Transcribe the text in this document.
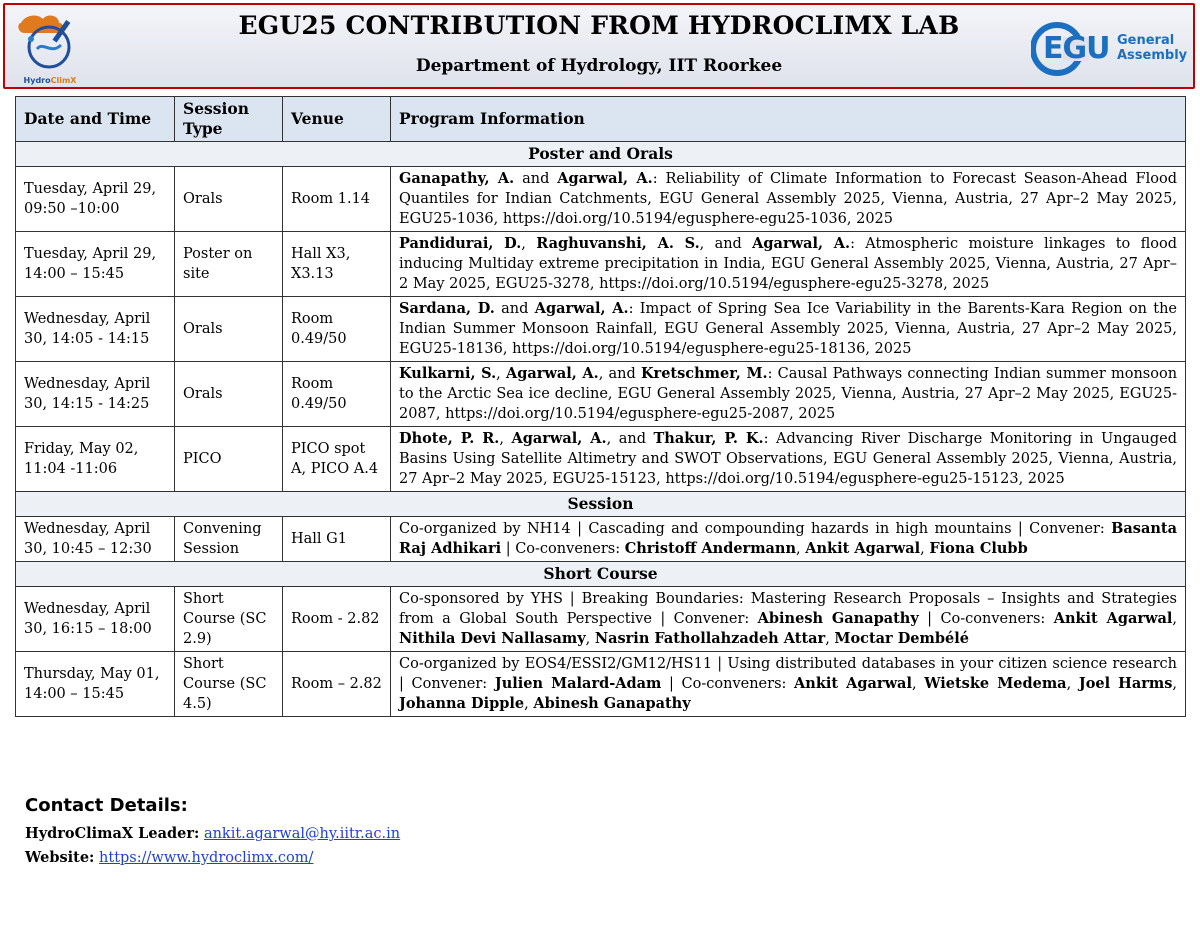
HydroClimX
EGU25 CONTRIBUTION FROM HYDROCLIMX LAB
Department of Hydrology, IIT Roorkee	EGU General
Assembly
Date and Time	Session Type	Venue	Program Information
Poster and Orals			
Tuesday, April 29, 09:50 –10:00	Orals	Room 1.14	Ganapathy, A. and Agarwal, A.: Reliability of Climate Information to Forecast Season-Ahead Flood Quantiles for Indian Catchments, EGU General Assembly 2025, Vienna, Austria, 27 Apr–2 May 2025, EGU25-1036, https://doi.org/10.5194/egusphere-egu25-1036, 2025
Tuesday, April 29, 14:00 – 15:45	Poster on site	Hall X3, X3.13	Pandidurai, D., Raghuvanshi, A. S., and Agarwal, A.: Atmospheric moisture linkages to flood inducing Multiday extreme precipitation in India, EGU General Assembly 2025, Vienna, Austria, 27 Apr–2 May 2025, EGU25-3278, https://doi.org/10.5194/egusphere-egu25-3278, 2025
Wednesday, April 30, 14:05 - 14:15	Orals	Room 0.49/50	Sardana, D. and Agarwal, A.: Impact of Spring Sea Ice Variability in the Barents-Kara Region on the Indian Summer Monsoon Rainfall, EGU General Assembly 2025, Vienna, Austria, 27 Apr–2 May 2025, EGU25-18136, https://doi.org/10.5194/egusphere-egu25-18136, 2025
Wednesday, April 30, 14:15 - 14:25	Orals	Room 0.49/50	Kulkarni, S., Agarwal, A., and Kretschmer, M.: Causal Pathways connecting Indian summer monsoon to the Arctic Sea ice decline, EGU General Assembly 2025, Vienna, Austria, 27 Apr–2 May 2025, EGU25-2087, https://doi.org/10.5194/egusphere-egu25-2087, 2025
Friday, May 02, 11:04 -11:06	PICO	PICO spot A, PICO A.4	Dhote, P. R., Agarwal, A., and Thakur, P. K.: Advancing River Discharge Monitoring in Ungauged Basins Using Satellite Altimetry and SWOT Observations, EGU General Assembly 2025, Vienna, Austria, 27 Apr–2 May 2025, EGU25-15123, https://doi.org/10.5194/egusphere-egu25-15123, 2025
Session			
Wednesday, April 30, 10:45 – 12:30	Convening Session	Hall G1	Co-organized by NH14 | Cascading and compounding hazards in high mountains | Convener: Basanta Raj Adhikari | Co-conveners: Christoff Andermann, Ankit Agarwal, Fiona Clubb
Short Course			
Wednesday, April 30, 16:15 – 18:00	Short Course (SC 2.9)	Room - 2.82	Co-sponsored by YHS | Breaking Boundaries: Mastering Research Proposals – Insights and Strategies from a Global South Perspective | Convener: Abinesh Ganapathy | Co-conveners: Ankit Agarwal, Nithila Devi Nallasamy, Nasrin Fathollahzadeh Attar, Moctar Dembélé
Thursday, May 01, 14:00 – 15:45	Short Course (SC 4.5)	Room – 2.82	Co-organized by EOS4/ESSI2/GM12/HS11 | Using distributed databases in your citizen science research | Convener: Julien Malard-Adam | Co-conveners: Ankit Agarwal, Wietske Medema, Joel Harms, Johanna Dipple, Abinesh Ganapathy
Contact Details:
HydroClimaX Leader: ankit.agarwal@hy.iitr.ac.in
Website: https://www.hydroclimx.com/
